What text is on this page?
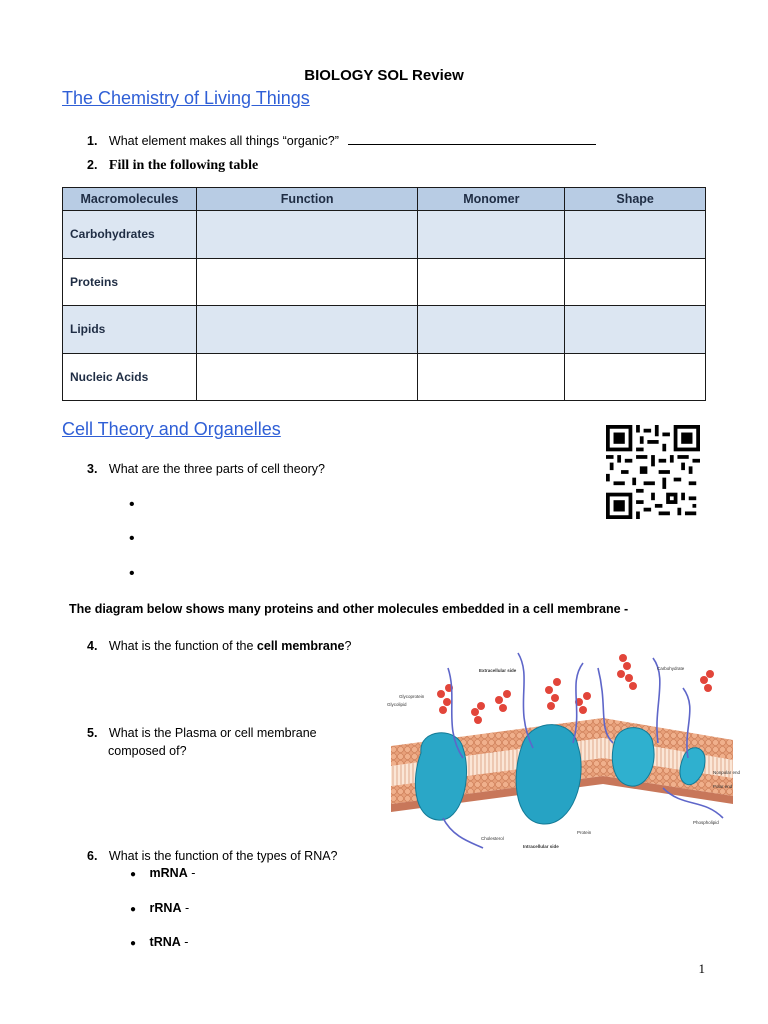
BIOLOGY SOL Review
The Chemistry of Living Things
1. What element makes all things “organic?”
2. Fill in the following table
Macromolecules	Function	Monomer	Shape
Carbohydrates			
Proteins			
Lipids			
Nucleic Acids			
Cell Theory and Organelles
3. What are the three parts of cell theory?
•
•
•
The diagram below shows many proteins and other molecules embedded in a cell membrane -
4. What is the function of the cell membrane?
5. What is the Plasma or cell membrane
composed of?
Extracellular side
Glycoprotein
Glycolipid
Carbohydrate
Nonpolar end
Polar end
Phospholipid
Cholesterol
Protein
Intracellular side
6. What is the function of the types of RNA?
● mRNA -
● rRNA -
● tRNA -
1
